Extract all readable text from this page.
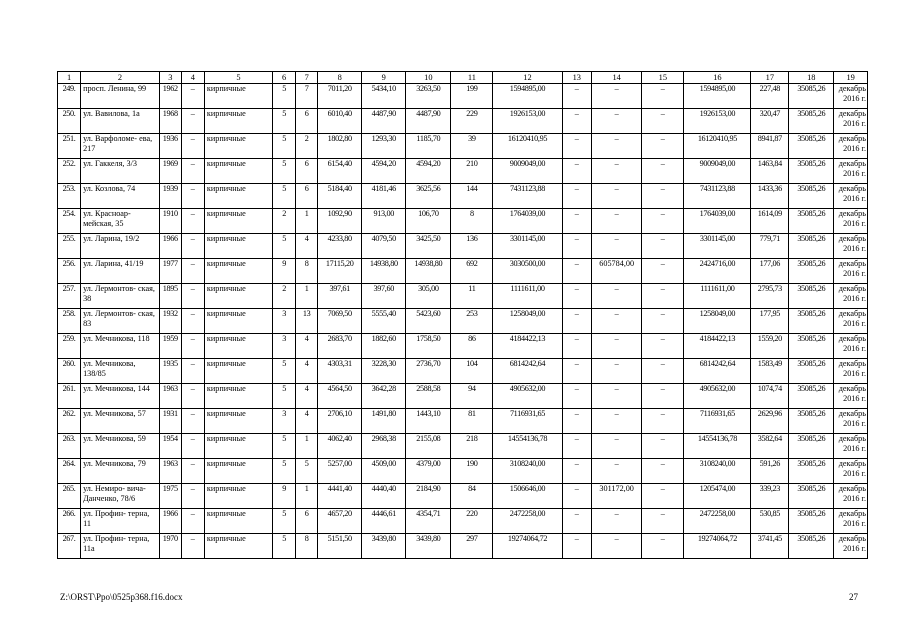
1	2	3	4	5	6	7	8	9	10	11	12	13	14	15	16	17	18	19
249.	просп. Ленина, 99	1962	–	кирпичные	5	7	7011,20	5434,10	3263,50	199	1594895,00	–	–	–	1594895,00	227,48	35085,26	декабрь 2016 г.
250.	ул. Вавилова, 1а	1968	–	кирпичные	5	6	6010,40	4487,90	4487,90	229	1926153,00	–	–	–	1926153,00	320,47	35085,26	декабрь 2016 г.
251.	ул. Варфоломе- ева, 217	1936	–	кирпичные	5	2	1802,80	1293,30	1185,70	39	16120410,95	–	–	–	16120410,95	8941,87	35085,26	декабрь 2016 г.
252.	ул. Гаккеля, 3/3	1969	–	кирпичные	5	6	6154,40	4594,20	4594,20	210	9009049,00	–	–	–	9009049,00	1463,84	35085,26	декабрь 2016 г.
253.	ул. Козлова, 74	1939	–	кирпичные	5	6	5184,40	4181,46	3625,56	144	7431123,88	–	–	–	7431123,88	1433,36	35085,26	декабрь 2016 г.
254.	ул. Красноар- мейская, 35	1910	–	кирпичные	2	1	1092,90	913,00	106,70	8	1764039,00	–	–	–	1764039,00	1614,09	35085,26	декабрь 2016 г.
255.	ул. Ларина, 19/2	1966	–	кирпичные	5	4	4233,80	4079,50	3425,50	136	3301145,00	–	–	–	3301145,00	779,71	35085,26	декабрь 2016 г.
256.	ул. Ларина, 41/19	1977	–	кирпичные	9	8	17115,20	14938,80	14938,80	692	3030500,00	–	605784,00	–	2424716,00	177,06	35085,26	декабрь 2016 г.
257.	ул. Лермонтов- ская, 38	1895	–	кирпичные	2	1	397,61	397,60	305,00	11	1111611,00	–	–	–	1111611,00	2795,73	35085,26	декабрь 2016 г.
258.	ул. Лермонтов- ская, 83	1932	–	кирпичные	3	13	7069,50	5555,40	5423,60	253	1258049,00	–	–	–	1258049,00	177,95	35085,26	декабрь 2016 г.
259.	ул. Мечникова, 118	1959	–	кирпичные	3	4	2683,70	1882,60	1758,50	86	4184422,13	–	–	–	4184422,13	1559,20	35085,26	декабрь 2016 г.
260.	ул. Мечникова, 138/85	1935	–	кирпичные	5	4	4303,31	3228,30	2736,70	104	6814242,64	–	–	–	6814242,64	1583,49	35085,26	декабрь 2016 г.
261.	ул. Мечникова, 144	1963	–	кирпичные	5	4	4564,50	3642,28	2588,58	94	4905632,00	–	–	–	4905632,00	1074,74	35085,26	декабрь 2016 г.
262.	ул. Мечникова, 57	1931	–	кирпичные	3	4	2706,10	1491,80	1443,10	81	7116931,65	–	–	–	7116931,65	2629,96	35085,26	декабрь 2016 г.
263.	ул. Мечникова, 59	1954	–	кирпичные	5	1	4062,40	2968,38	2155,08	218	14554136,78	–	–	–	14554136,78	3582,64	35085,26	декабрь 2016 г.
264.	ул. Мечникова, 79	1963	–	кирпичные	5	5	5257,00	4509,00	4379,00	190	3108240,00	–	–	–	3108240,00	591,26	35085,26	декабрь 2016 г.
265.	ул. Немиро- вича-Данченко, 78/6	1975	–	кирпичные	9	1	4441,40	4440,40	2184,90	84	1506646,00	–	301172,00	–	1205474,00	339,23	35085,26	декабрь 2016 г.
266.	ул. Профин- терна, 11	1966	–	кирпичные	5	6	4657,20	4446,61	4354,71	220	2472258,00	–	–	–	2472258,00	530,85	35085,26	декабрь 2016 г.
267.	ул. Профин- терна, 11а	1970	–	кирпичные	5	8	5151,50	3439,80	3439,80	297	19274064,72	–	–	–	19274064,72	3741,45	35085,26	декабрь 2016 г.
Z:\ORST\Ppo\0525p368.f16.docx	27
